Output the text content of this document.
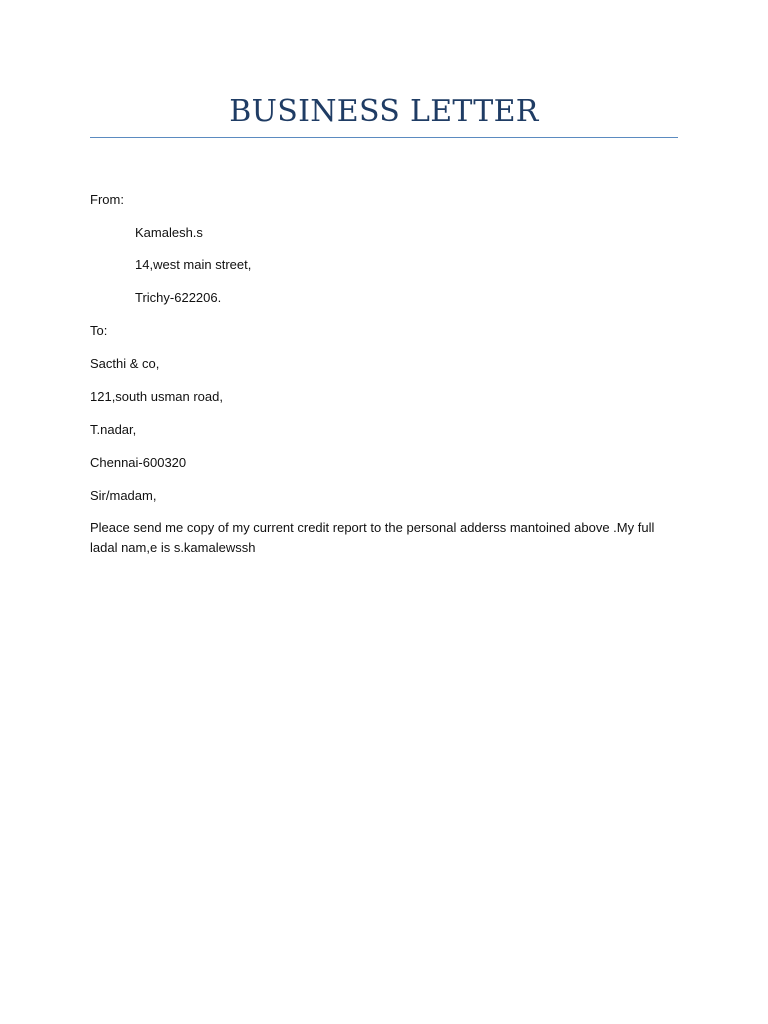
BUSINESS LETTER
From:
Kamalesh.s
14,west main street,
Trichy-622206.
To:
Sacthi & co,
121,south usman road,
T.nadar,
Chennai-600320
Sir/madam,
Pleace send me copy of my current credit report to the personal adderss mantoined above .My full ladal nam,e is s.kamalewssh
